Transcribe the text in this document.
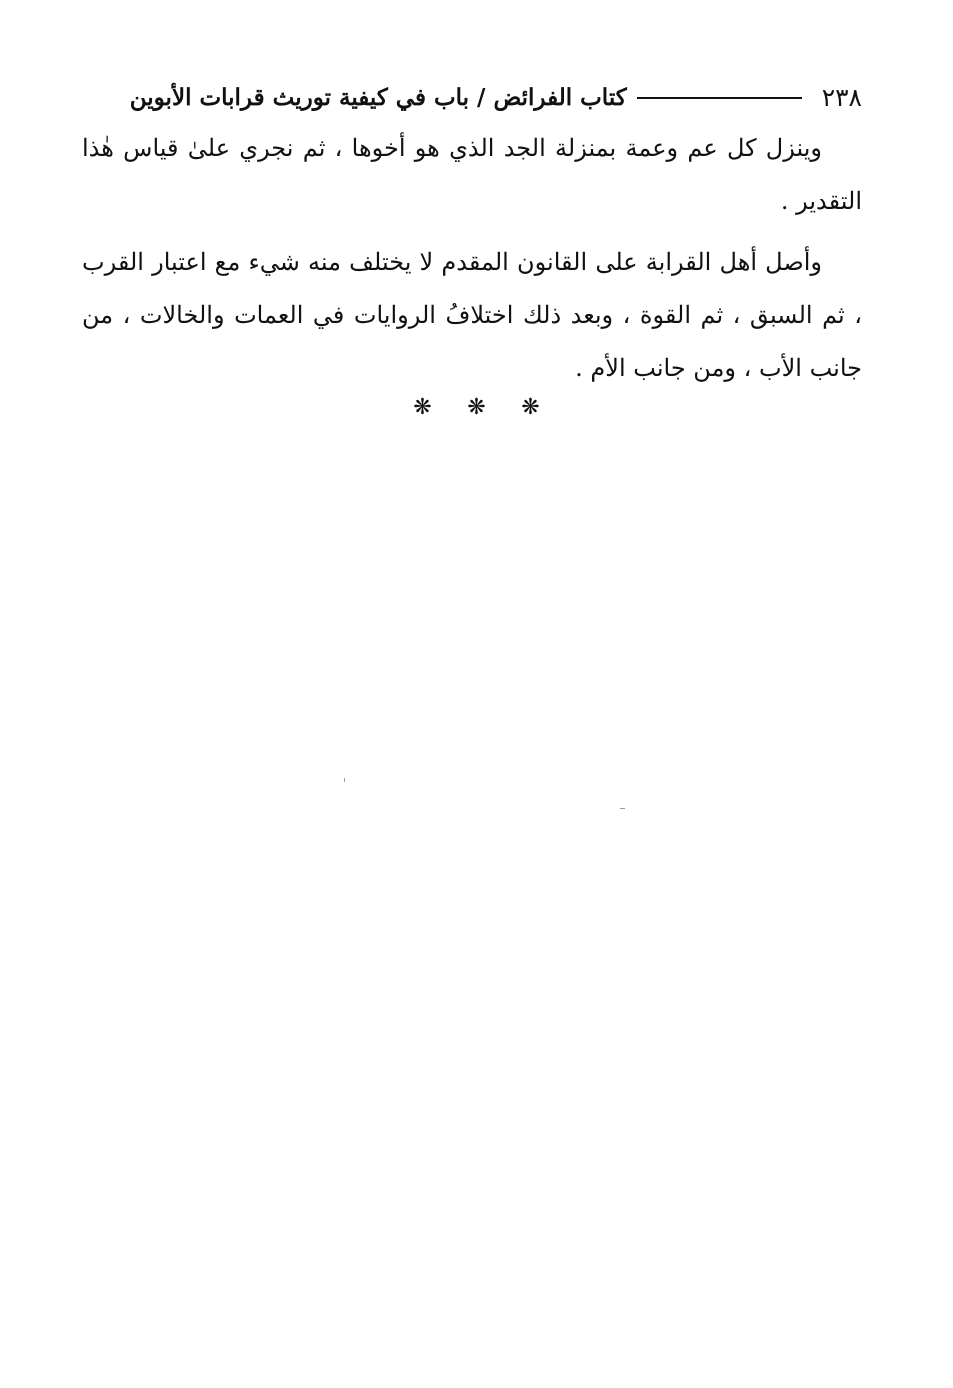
٢٣٨
كتاب الفرائض / باب في كيفية توريث قرابات الأبوين

وينزل كل عم وعمة بمنزلة الجد الذي هو أخوها ، ثم نجري علىٰ قياس هٰذا التقدير .

وأصل أهل القرابة على القانون المقدم لا يختلف منه شيء مع اعتبار القرب ، ثم السبق ، ثم القوة ، وبعد ذلك اختلافُ الروايات في العمات والخالات ، من جانب الأب ، ومن جانب الأم .

❋ ❋ ❋
